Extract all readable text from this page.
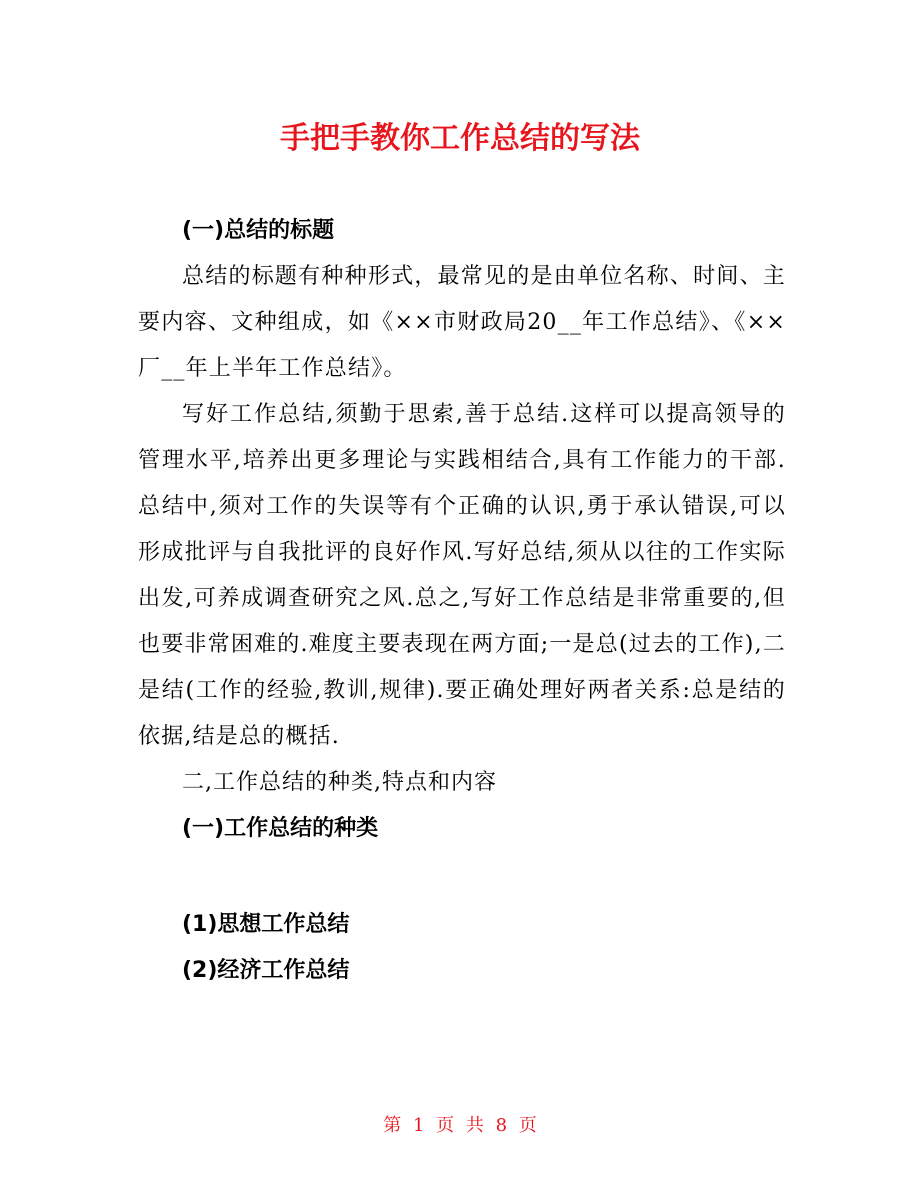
手把手教你工作总结的写法

(一)总结的标题

总结的标题有种种形式，最常见的是由单位名称、时间、主要内容、文种组成，如《××市财政局20__年工作总结》、《××厂__年上半年工作总结》。

写好工作总结,须勤于思索,善于总结.这样可以提高领导的管理水平,培养出更多理论与实践相结合,具有工作能力的干部.总结中,须对工作的失误等有个正确的认识,勇于承认错误,可以形成批评与自我批评的良好作风.写好总结,须从以往的工作实际出发,可养成调查研究之风.总之,写好工作总结是非常重要的,但也要非常困难的.难度主要表现在两方面;一是总(过去的工作),二是结(工作的经验,教训,规律).要正确处理好两者关系:总是结的依据,结是总的概括.

二,工作总结的种类,特点和内容

(一)工作总结的种类

(1)思想工作总结

(2)经济工作总结

第 1 页 共 8 页
